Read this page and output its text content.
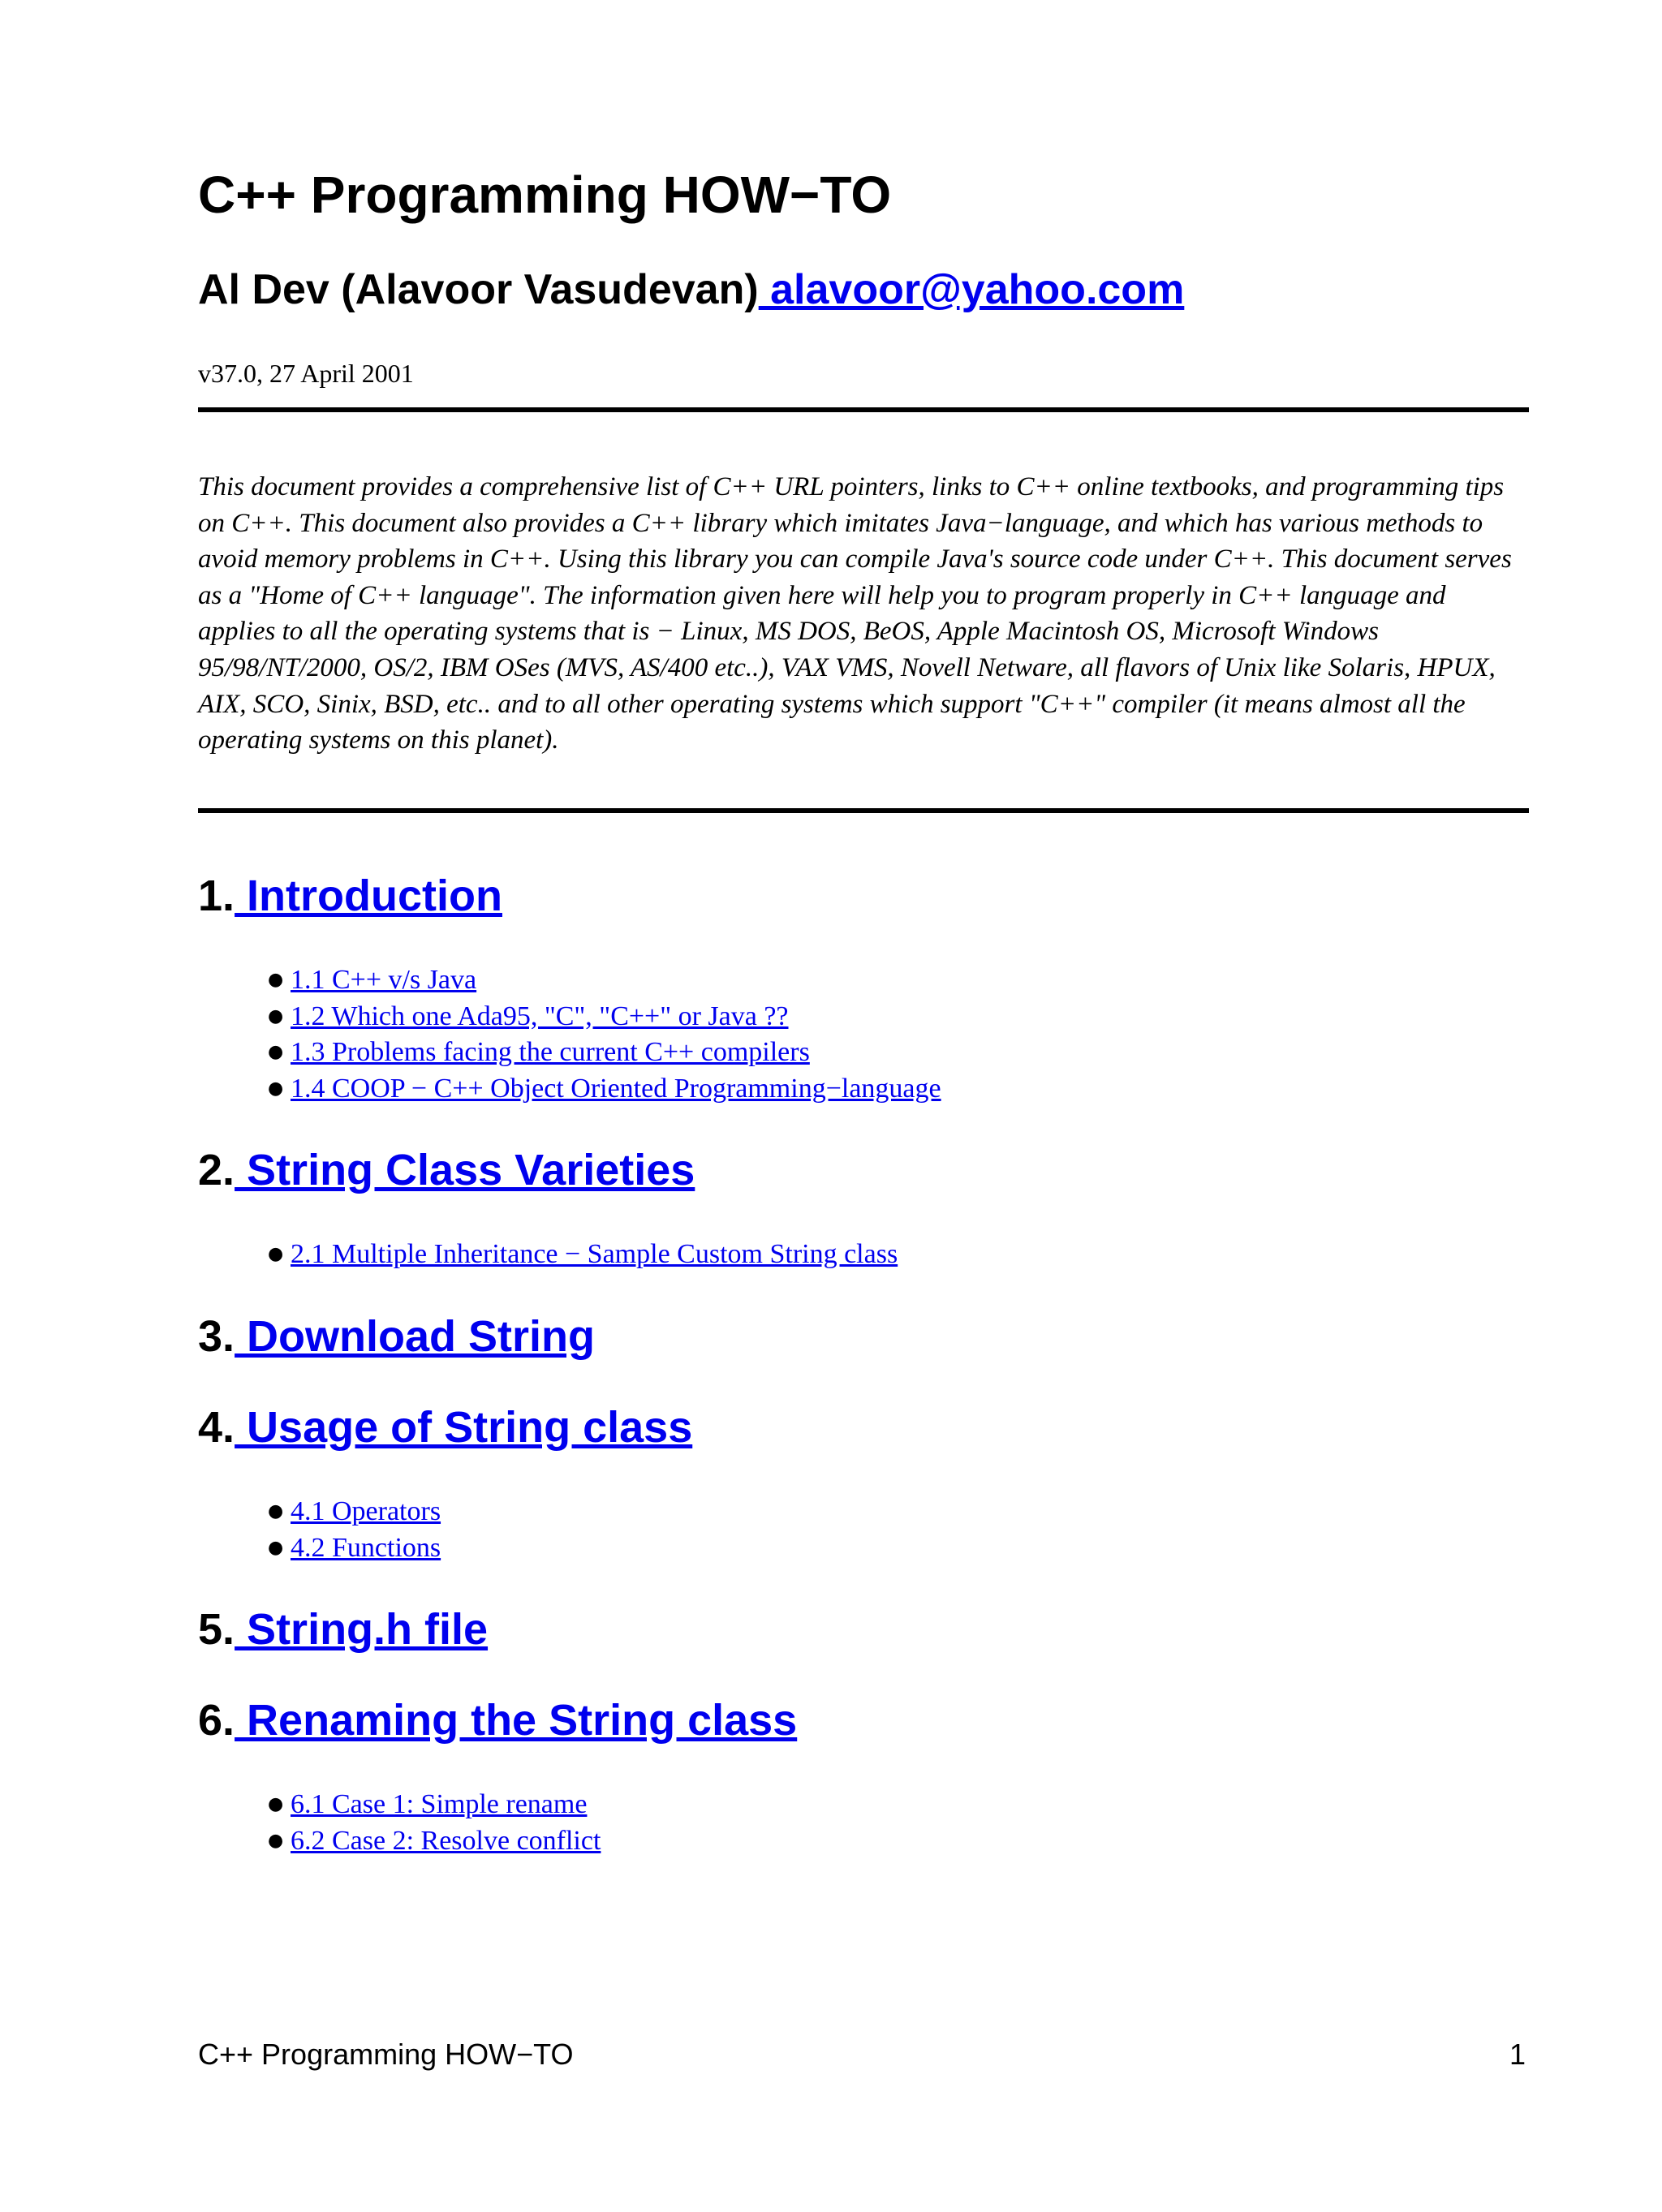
C++ Programming HOW−TO
Al Dev (Alavoor Vasudevan) alavoor@yahoo.com
v37.0, 27 April 2001

This document provides a comprehensive list of C++ URL pointers, links to C++ online textbooks, and programming tips on C++. This document also provides a C++ library which imitates Java−language, and which has various methods to avoid memory problems in C++. Using this library you can compile Java's source code under C++. This document serves as a "Home of C++ language". The information given here will help you to program properly in C++ language and applies to all the operating systems that is − Linux, MS DOS, BeOS, Apple Macintosh OS, Microsoft Windows 95/98/NT/2000, OS/2, IBM OSes (MVS, AS/400 etc..), VAX VMS, Novell Netware, all flavors of Unix like Solaris, HPUX, AIX, SCO, Sinix, BSD, etc.. and to all other operating systems which support "C++" compiler (it means almost all the operating systems on this planet).

1. Introduction
● 1.1 C++ v/s Java
● 1.2 Which one Ada95, "C", "C++" or Java ??
● 1.3 Problems facing the current C++ compilers
● 1.4 COOP − C++ Object Oriented Programming−language
2. String Class Varieties
● 2.1 Multiple Inheritance − Sample Custom String class
3. Download String
4. Usage of String class
● 4.1 Operators
● 4.2 Functions
5. String.h file
6. Renaming the String class
● 6.1 Case 1: Simple rename
● 6.2 Case 2: Resolve conflict
C++ Programming HOW−TO	1
